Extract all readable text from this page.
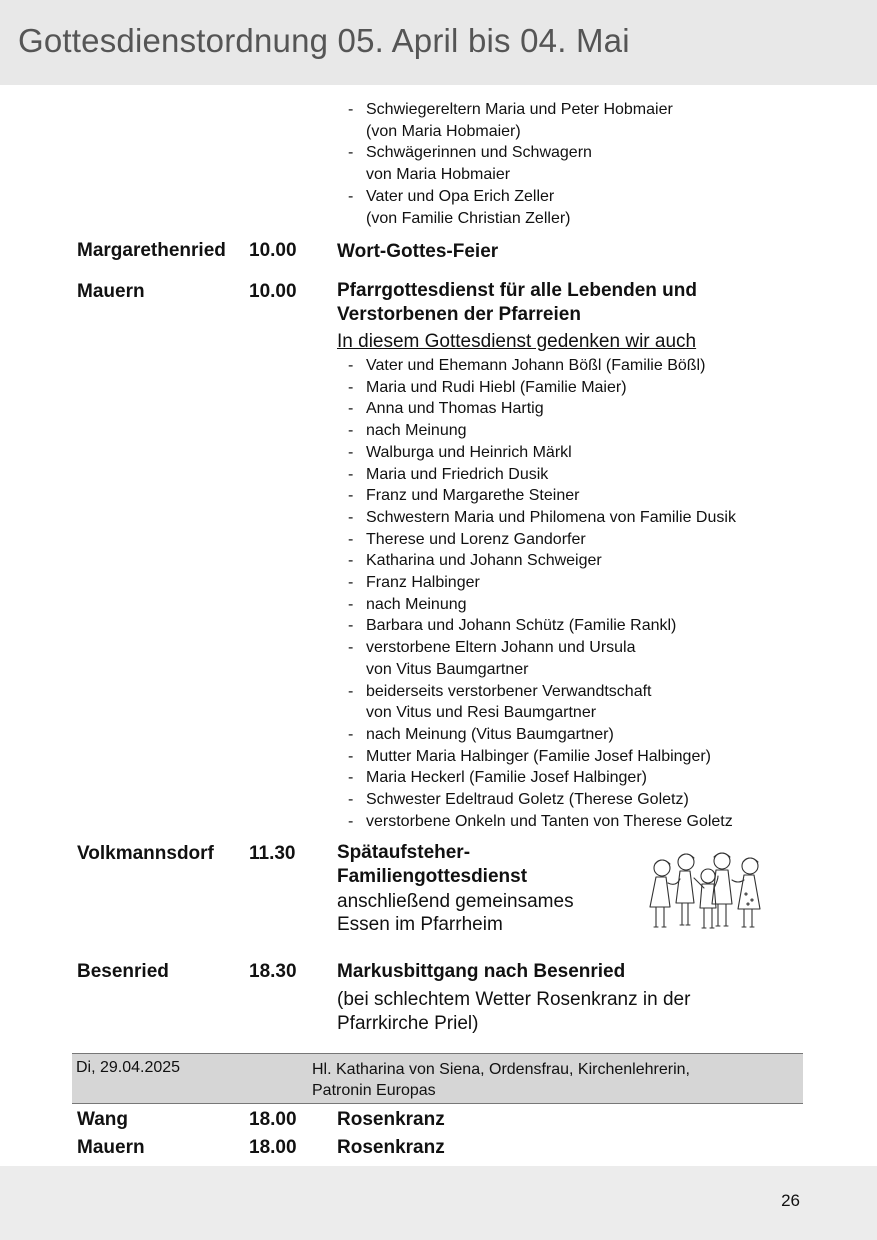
Gottesdienstordnung 05. April bis 04. Mai
- Schwiegereltern Maria und Peter Hobmaier
(von Maria Hobmaier)
- Schwägerinnen und Schwagern
von Maria Hobmaier
- Vater und Opa Erich Zeller
(von Familie Christian Zeller)
Margarethenried 10.00 Wort-Gottes-Feier
Mauern	10.00 Pfarrgottesdienst für alle Lebenden und
Verstorbenen der Pfarreien
In diesem Gottesdienst gedenken wir auch
- Vater und Ehemann Johann Bößl (Familie Bößl)
- Maria und Rudi Hiebl (Familie Maier)
- Anna und Thomas Hartig
- nach Meinung
- Walburga und Heinrich Märkl
- Maria und Friedrich Dusik
- Franz und Margarethe Steiner
- Schwestern Maria und Philomena von Familie Dusik
- Therese und Lorenz Gandorfer
- Katharina und Johann Schweiger
- Franz Halbinger
- nach Meinung
- Barbara und Johann Schütz (Familie Rankl)
- verstorbene Eltern Johann und Ursula
von Vitus Baumgartner
- beiderseits verstorbener Verwandtschaft
von Vitus und Resi Baumgartner
- nach Meinung (Vitus Baumgartner)
- Mutter Maria Halbinger (Familie Josef Halbinger)
- Maria Heckerl (Familie Josef Halbinger)
- Schwester Edeltraud Goletz (Therese Goletz)
- verstorbene Onkeln und Tanten von Therese Goletz
Volkmannsdorf 11.30 Spätaufsteher-
Familiengottesdienst
anschließend gemeinsames
Essen im Pfarrheim
Besenried	18.30 Markusbittgang nach Besenried
(bei schlechtem Wetter Rosenkranz in der
Pfarrkirche Priel)
Di, 29.04.2025	Hl. Katharina von Siena, Ordensfrau, Kirchenlehrerin,
Patronin Europas
Wang	18.00 Rosenkranz
Mauern	18.00 Rosenkranz
26
